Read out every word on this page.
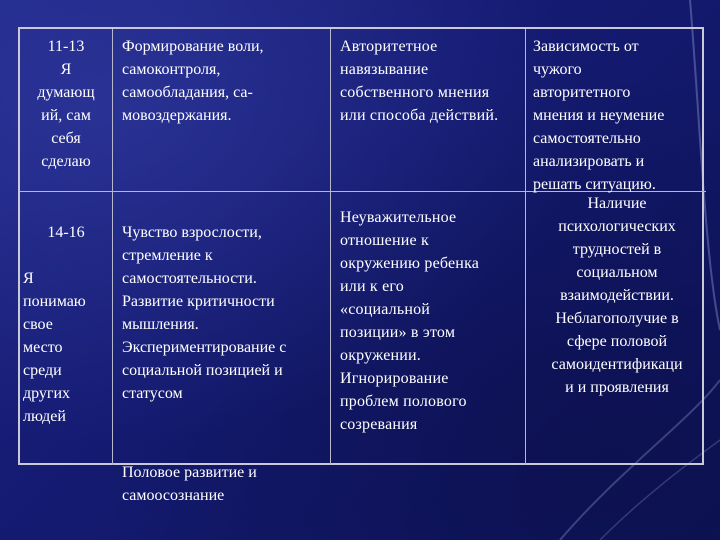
11-13
Я
думающ
ий, сам
себя
сделаю
Формирование воли,
самоконтроля,
самообладания, са-
мовоздержания.
Авторитетное
навязывание
собственного мнения
или способа действий.
Зависимость от
чужого
авторитетного
мнения и неумение
самостоятельно
анализировать и
решать ситуацию.

14-16

Я
понимаю
свое
место
среди
других
людей

Чувство взрослости,
стремление к
самостоятельности.
Развитие критичности
мышления.
Экспериментирование с
социальной позицией и
статусом

Половое развитие и
самоосознание

Неуважительное
отношение к
окружению ребенка
или к его
«социальной
позиции» в этом
окружении.
Игнорирование
проблем полового
созревания
Наличие
психологических
трудностей в
социальном
взаимодействии.
Неблагополучие в
сфере половой
самоидентификаци
и и проявления
